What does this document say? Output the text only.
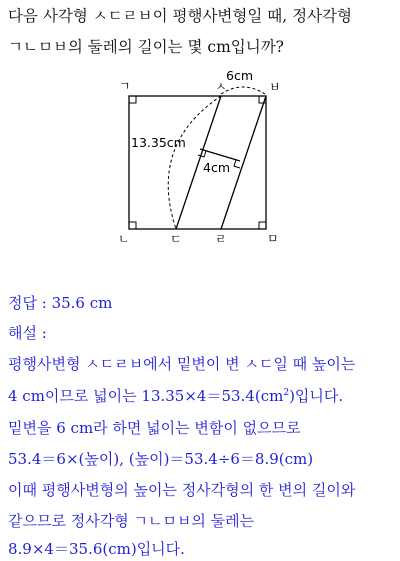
다음 사각형 ㅅㄷㄹㅂ이 평행사변형일 때, 정사각형
ㄱㄴㅁㅂ의 둘레의 길이는 몇 cm입니까?
ㄱ	ㅅ	ㅂ
ㄴ	ㄷ	ㄹ	ㅁ
6cm
13.35cm
4cm
정답 : 35.6 cm
해설 :
평행사변형 ㅅㄷㄹㅂ에서 밑변이 변 ㅅㄷ일 때 높이는
4 cm이므로 넓이는 $13.35\times 4=53.4(cm^2)$입니다.
밑변을 6 cm라 하면 넓이는 변함이 없으므로
53.4＝6×(높이), (높이)＝53.4÷6＝8.9(cm)
이때 평행사변형의 높이는 정사각형의 한 변의 길이와
같으므로 정사각형 ㄱㄴㅁㅂ의 둘레는
8.9×4＝35.6(cm)입니다.
